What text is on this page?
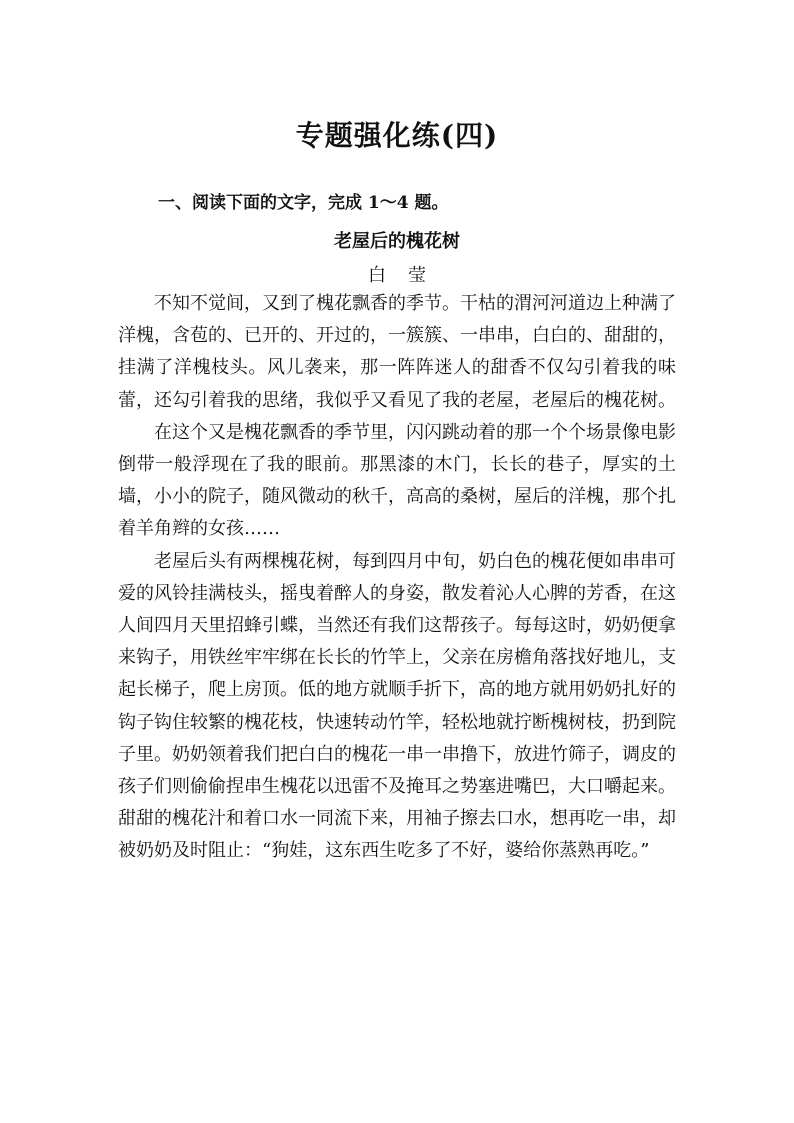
专题强化练(四)
一、阅读下面的文字，完成 1～4 题。
老屋后的槐花树
白莹

不知不觉间，又到了槐花飘香的季节。干枯的渭河河道边上种满了洋槐，含苞的、已开的、开过的，一簇簇、一串串，白白的、甜甜的，挂满了洋槐枝头。风儿袭来，那一阵阵迷人的甜香不仅勾引着我的味蕾，还勾引着我的思绪，我似乎又看见了我的老屋，老屋后的槐花树。

在这个又是槐花飘香的季节里，闪闪跳动着的那一个个场景像电影倒带一般浮现在了我的眼前。那黑漆的木门，长长的巷子，厚实的土墙，小小的院子，随风微动的秋千，高高的桑树，屋后的洋槐，那个扎着羊角辫的女孩……

老屋后头有两棵槐花树，每到四月中旬，奶白色的槐花便如串串可爱的风铃挂满枝头，摇曳着醉人的身姿，散发着沁人心脾的芳香，在这人间四月天里招蜂引蝶，当然还有我们这帮孩子。每每这时，奶奶便拿来钩子，用铁丝牢牢绑在长长的竹竿上，父亲在房檐角落找好地儿，支起长梯子，爬上房顶。低的地方就顺手折下，高的地方就用奶奶扎好的钩子钩住较繁的槐花枝，快速转动竹竿，轻松地就拧断槐树枝，扔到院子里。奶奶领着我们把白白的槐花一串一串撸下，放进竹筛子，调皮的孩子们则偷偷捏串生槐花以迅雷不及掩耳之势塞进嘴巴，大口嚼起来。甜甜的槐花汁和着口水一同流下来，用袖子擦去口水，想再吃一串，却被奶奶及时阻止：“狗娃，这东西生吃多了不好，婆给你蒸熟再吃。”
